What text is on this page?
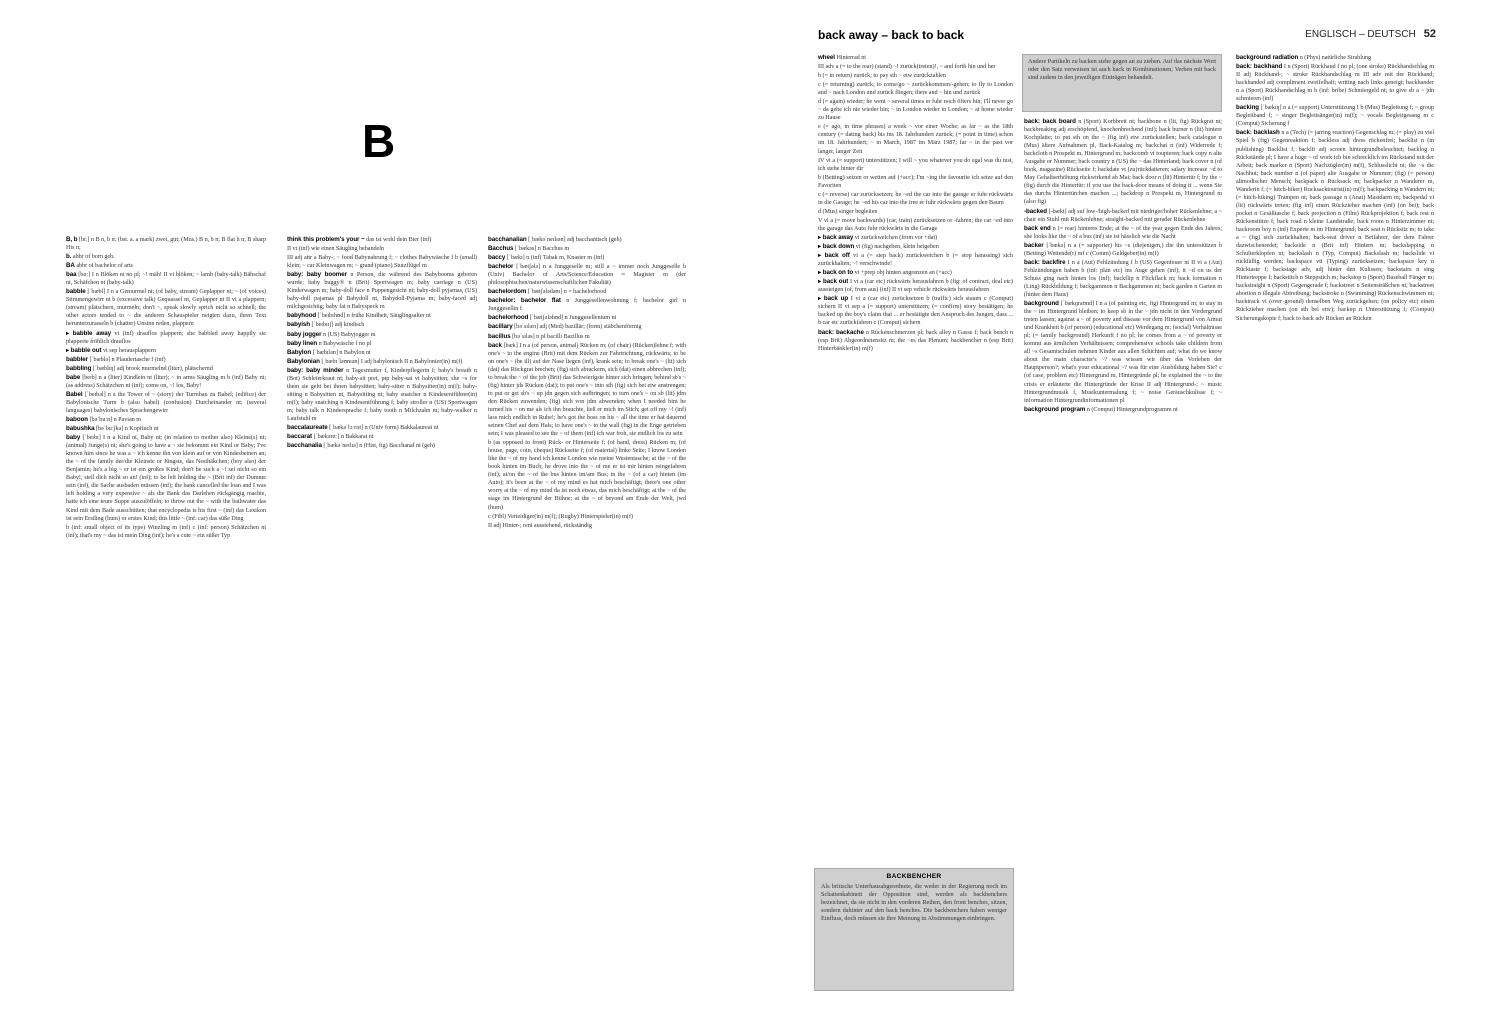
B

B, b [biː] n B n, b n; (bst. a. a mark) zwei, gut; (Mus.) B n, b n; B flat h n; B sharp His n;

b. abbr of born geb.

BA abbr of bachelor of arts

baa [bɑː] I n Blöken nt no pl; ~! mäh! II vi blöken; ~ lamb (baby-talk) Bähschaf nt, Schäfchen nt (baby-talk)

babble [ˈbæbl] I n a Gemurmel nt; (of baby, stream) Geplapper nt; ~ (of voices) Stimmengewirr nt b (excessive talk) Gequassel nt, Geplapper nt II vi a plappern; (stream) plätschern, murmeln; don't ~, speak slowly sprich nicht so schnell; the other actors tended to ~ die anderen Schauspieler neigten dazu, ihren Text herunterzurasseln b (chatter) Unsinn reden, plappern

▸ babble away vi (inf) drauflos plappern; she babbled away happily sie plapperte fröhlich drauflos

▸ babble out vt sep herausplappern

babbler [ˈbæblə] n Plaudertasche f (inf)

babbling [ˈbæblɪŋ] adj brook murmelnd (liter), plätschernd

babe [beɪb] n a (liter) Kindlein nt (liter); ~ in arms Säugling m b (inf) Baby nt; (as address) Schätzchen nt (inf); come on, ~! los, Baby!

Babel [ˈbeɪbəl] n a the Tower of ~ (story) der Turmbau zu Babel; (edifice) der Babylonische Turm b (also babel) (confusion) Durcheinander nt; (several languages) babylonisches Sprachengewirr

baboon [bəˈbuːn] n Pavian m

babushka [bəˈbuːʃkə] n Kopftuch nt

baby [ˈbeɪbɪ] I n a Kind nt, Baby nt; (in relation to mother also) Kleine(s) nt; (animal) Junge(s) nt; she's going to have a ~ sie bekommt ein Kind or Baby; I've known him since he was a ~ ich kenne ihn von klein auf or von Kindesbeinen an; the ~ of the family der/die Kleinste or Jüngste, das Nesthäkchen; (boy also) der Benjamin; he's a big ~ er ist ein großes Kind; don't be such a ~! sei nicht so ein Baby!, stell dich nicht so an! (inf); to be left holding the ~ (Brit inf) der Dumme sein (inf), die Sache ausbaden müssen (inf); the bank cancelled the loan and I was left holding a very expensive ~ als die Bank das Darlehen rückgängig machte, hatte ich eine teure Suppe auszulöffeln; to throw out the ~ with the bathwater das Kind mit dem Bade ausschütten; that encyclopedia is his first ~ (inf) das Lexikon ist sein Erstling (hum) or erstes Kind; this little ~ (inf: car) das süße Ding

b (inf: small object of its type) Winzling m (inf) c (inf: person) Schätzchen nt (inf); that's my ~ das ist mein Ding (inf); he's a cute ~ ein süßer Typ

think this problem's your ~ das ist wohl dein Bier (inf)

II vt (inf) wie einen Säugling behandeln

III adj attr a Baby-; ~ food Babynahrung f; ~ clothes Babywäsche f b (small) klein; ~ car Kleinwagen m; ~ grand (piano) Stutzflügel m

baby: baby boomer n Person, die während des Babybooms geboren wurde; baby buggy® n (Brit) Sportwagen m; baby carriage n (US) Kinderwagen m; baby-doll face n Puppengesicht nt; baby-doll pyjamas, (US) baby-doll pajamas pl Babydoll nt, Babydoll-Pyjama m; baby-faced adj milchgesichtig; baby fat n Babyspeck m

babyhood [ˈbeɪbɪhʊd] n frühe Kindheit, Säuglingsalter nt

babyish [ˈbeɪbɪɪʃ] adj kindisch

baby jogger n (US) Babyjogger m

baby linen n Babywäsche f no pl

Babylon [ˈbæbɪlən] n Babylon nt

Babylonian [ˌbæbɪˈləʊnɪən] I adj babylonisch II n Babylonier(in) m(f)

baby: baby minder n Tagesmutter f, Kinderpflegerin f; baby's breath n (Bot) Schleierkraut nt; baby-sit pret, ptp baby-sat vi babysitten; she ~s for them sie geht bei ihnen babysitten; baby-sitter n Babysitter(in) m(f); baby-sitting n Babysitten nt, Babysitting nt; baby snatcher n Kindesentführer(in) m(f); baby snatching n Kindesentführung f; baby stroller n (US) Sportwagen m; baby talk n Kindersprache f; baby tooth n Milchzahn m; baby-walker n Laufstuhl m

baccalaureate [ˌbækəˈlɔːrɪɪt] n (Univ form) Bakkalaureat nt

baccarat [ˈbækərɑː] n Bakkarat nt

bacchanalia [ˌbækəˈneɪlɪə] n (Hist, fig) Bacchanal nt (geh)

bacchanalian [ˌbækəˈneɪlɪən] adj bacchantisch (geh)

Bacchus [ˈbækəs] n Bacchus m

baccy [ˈbækɪ] n (inf) Tabak m, Knaster m (inf)

bachelor [ˈbætʃələ] n a Junggeselle m; still a ~ immer noch Junggeselle b (Univ) Bachelor of Arts/Science/Education ≈ Magister m (der philosophischen/naturwissenschaftlichen Fakultät)

bachelordom [ˈbætʃələdəm] n = bachelorhood

bachelor: bachelor flat n Junggesellenwohnung f; bachelor girl n Junggesellin f

bachelorhood [ˈbætʃələhʊd] n Junggesellentum nt

bacillary [bəˈsɪlərɪ] adj (Med) bazillär; (form) stäbchenförmig

bacillus [bəˈsɪləs] n pl bacilli Bazillus m

back [bæk] I n a (of person, animal) Rücken m; (of chair) (Rücken)lehne f; with one's ~ to the engine (Brit) mit dem Rücken zur Fahrtrichtung, rückwärts; to be on one's ~ (be ill) auf der Nase liegen (inf), krank sein; to break one's ~ (lit) sich (dat) das Rückgrat brechen; (fig) sich abrackern, sich (dat) einen abbrechen (inf); to break the ~ of the job (Brit) das Schwierigste hinter sich bringen; behind sb's ~ (fig) hinter jds Rücken (dat); to put one's ~ into sth (fig) sich bei etw anstrengen; to put or get sb's ~ up jdn gegen sich aufbringen; to turn one's ~ on sb (lit) jdm den Rücken zuwenden; (fig) sich von jdm abwenden; when I needed him he turned his ~ on me als ich ihn brauchte, ließ er mich im Stich; get off my ~! (inf) lass mich endlich in Ruhe!; he's got the boss on his ~ all the time er hat dauernd seinen Chef auf dem Hals; to have one's ~ to the wall (fig) in die Enge getrieben sein; I was pleased to see the ~ of them (inf) ich war froh, sie endlich los zu sein

b (as opposed to front) Rück- or Hinterseite f; (of hand, dress) Rücken m; (of house, page, coin, cheque) Rückseite f; (of material) linke Seite; I know London like the ~ of my hand ich kenne London wie meine Westentasche; at the ~ of the book hinten im Buch; he drove into the ~ of me er ist mir hinten reingefahren (inf); at/on the ~ of the bus hinten im/am Bus; in the ~ (of a car) hinten (im Auto); it's been at the ~ of my mind es hat mich beschäftigt; there's one other worry at the ~ of my mind da ist noch etwas, das mich beschäftigt; at the ~ of the stage im Hintergrund der Bühne; at the ~ of beyond am Ende der Welt, jwd (hum)

c (Ftbl) Verteidiger(in) m(f); (Rugby) Hinterspieler(in) m(f)

II adj Hinter-; rent ausstehend, rückständig

back away – back to back	ENGLISCH – DEUTSCH 52

wheel Hinterrad nt

III adv a (= to the rear) (stand) ~! zurück(treten)!, ~ and forth hin und her

b (= in return) zurück; to pay sth ~ etw zurückzahlen

c (= returning) zurück; to come/go ~ zurückkommen/-gehen; to fly to London and ~ nach London und zurück fliegen; there and ~ hin und zurück

d (= again) wieder; he went ~ several times er fuhr noch öfters hin; I'll never go ~ da gehe ich nie wieder hin; ~ in London wieder in London; ~ at home wieder zu Hause

e (= ago, in time phrases) a week ~ vor einer Woche; as far ~ as the 18th century (= dating back) bis ins 18. Jahrhundert zurück; (= point in time) schon im 18. Jahrhundert; ~ in March, 1987 im März 1987; far ~ in the past vor langer, langer Zeit

IV vt a (= support) unterstützen; I will ~ you whatever you do egal was du tust, ich stehe hinter dir

b (Betting) setzen or wetten auf (+acc); I'm ~ing the favourite ich setze auf den Favoriten

c (= reverse) car zurücksetzen; he ~ed the car into the garage er fuhr rückwärts in die Garage; he ~ed his car into the tree er fuhr rückwärts gegen den Baum

d (Mus) singer begleiten

V vi a (= move backwards) (car, train) zurücksetzen or -fahren; the car ~ed into the garage das Auto fuhr rückwärts in die Garage

▸ back away vi zurückweichen (from vor +dat)

▸ back down vi (fig) nachgeben, klein beigeben

▸ back off vi a (= step back) zurückweichen b (= stop harassing) sich zurückhalten; ~! verschwinde!

▸ back on to vi +prep obj hinten angrenzen an (+acc)

▸ back out I vi a (car etc) rückwärts herausfahren b (fig: of contract, deal etc) aussteigen (of, from aus) (inf) II vt sep vehicle rückwärts herausfahren

▸ back up I vi a (car etc) zurücksetzen b (traffic) sich stauen c (Comput) sichern II vt sep a (= support) unterstützen; (= confirm) story bestätigen; he backed up the boy's claim that ... er bestätigte den Anspruch des Jungen, dass ... b car etc zurückfahren c (Comput) sichern

back: backache n Rückenschmerzen pl; back alley n Gasse f; back bench n (esp Brit) Abgeordnetensitz m; the ~es das Plenum; backbencher n (esp Brit) Hinterbänkler(in) m(f)

Andere Partikeln zu backen siehe gegen an zu ziehen. Auf das nächste Wort oder den Satz verweisen ist auch back in Kombinationen; Verben mit back sind zudem in den jeweiligen Einträgen behandelt.

back: back board n (Sport) Korbbrett nt; backbone n (lit, fig) Rückgrat nt; backbreaking adj erschöpfend, knochenbrechend (inf); back burner n (lit) hintere Kochplatte; to put sth on the ~ (fig inf) etw zurückstellen; back catalogue n (Mus) ältere Aufnahmen pl, Back-Katalog m; backchat n (inf) Widerrede f; backcloth n Prospekt m, Hintergrund m; backcomb vt toupieren; back copy n alte Ausgabe or Nummer; back country n (US) the ~ das Hinterland; back cover n (of book, magazine) Rückseite f; backdate vt (zu)rückdatieren; salary increase ~d to May Gehaltserhöhung rückwirkend ab Mai; back door n (lit) Hintertür f; by the ~ (fig) durch die Hintertür; if you use the back-door means of doing it ... wenn Sie das durchs Hintertürchen machen ...; backdrop n Prospekt m, Hintergrund m (also fig)

-backed [-bækt] adj suf low-/high-backed mit niedriger/hoher Rückenlehne; a ~ chair ein Stuhl mit Rückenlehne; straight-backed mit gerader Rückenlehne

back end n (= rear) hinteres Ende; at the ~ of the year gegen Ende des Jahres; she looks like the ~ of a bus (inf) sie ist hässlich wie die Nacht

backer [ˈbækə] n a (= supporter) his ~s (diejenigen,) die ihn unterstützen b (Betting) Wettende(r) mf c (Comm) Geldgeber(in) m(f)

back: backfire I n a (Aut) Fehlzündung f b (US) Gegenfeuer nt II vi a (Aut) Fehlzündungen haben b (inf: plan etc) ins Auge gehen (inf); it ~d on us der Schuss ging nach hinten los (inf); backflip n Flickflack m; back formation n (Ling) Rückbildung f; backgammon n Backgammon nt; back garden n Garten m (hinter dem Haus)

background [ˈbækɡraʊnd] I n a (of painting etc, fig) Hintergrund m; to stay in the ~ im Hintergrund bleiben; to keep sb in the ~ jdn nicht in den Vordergrund treten lassen; against a ~ of poverty and disease vor dem Hintergrund von Armut und Krankheit b (of person) (educational etc) Werdegang m; (social) Verhältnisse pl; (= family background) Herkunft f no pl; he comes from a ~ of poverty er kommt aus ärmlichen Verhältnissen; comprehensive schools take children from all ~s Gesamtschulen nehmen Kinder aus allen Schichten auf; what do we know about the main character's ~? was wissen wir über das Vorleben der Hauptperson?; what's your educational ~? was für eine Ausbildung haben Sie? c (of case, problem etc) Hintergrund m, Hintergründe pl; he explained the ~ to the crisis er erläuterte die Hintergründe der Krise II adj Hintergrund-; ~ music Hintergrundmusik f, Musikuntermalung f; ~ noise Geräuschkulisse f; ~ information Hintergrundinformationen pl

background program n (Comput) Hintergrundprogramm nt

background radiation n (Phys) natürliche Strahlung

back: backhand I n (Sport) Rückhand f no pl; (one stroke) Rückhandschlag m II adj Rückhand-; ~ stroke Rückhandschlag m III adv mit der Rückhand; backhanded adj compliment zweifelhaft; writing nach links geneigt; backhander n a (Sport) Rückhandschlag m b (inf: bribe) Schmiergeld nt; to give sb a ~ jdn schmieren (inf)

backing [ˈbækɪŋ] n a (= support) Unterstützung f b (Mus) Begleitung f; ~ group Begleitband f; ~ singer Begleitsänger(in) m(f); ~ vocals Begleitgesang m c (Comput) Sicherung f

back: backlash n a (Tech) (= jarring reaction) Gegenschlag m; (= play) zu viel Spiel b (fig) Gegenreaktion f; backless adj dress rückenfrei; backlist n (in publishing) Backlist f; backlit adj screen hintergrundbeleuchtet; backlog n Rückstände pl; I have a huge ~ of work ich bin schrecklich im Rückstand mit der Arbeit; back marker n (Sport) Nachzügler(in) m(f), Schlusslicht nt; the ~s die Nachhut; back number n (of paper) alte Ausgabe or Nummer; (fig) (= person) altmodischer Mensch; backpack n Rucksack m; backpacker n Wanderer m, Wanderin f; (= hitch-hiker) Rucksacktourist(in) m(f); backpacking n Wandern nt; (= hitch-hiking) Trampen nt; back passage n (Anat) Mastdarm m; backpedal vi (lit) rückwärts treten; (fig inf) einen Rückzieher machen (inf) (on bei); back pocket n Gesäßtasche f; back projection n (Film) Rückprojektion f; back rest n Rückenstütze f; back road n kleine Landstraße; back room n Hinterzimmer nt; backroom boy n (inf) Experte m im Hintergrund; back seat n Rücksitz m; to take a ~ (fig) sich zurückhalten; back-seat driver n Beifahrer, der dem Fahrer dazwischenredet; backside n (Brit inf) Hintern m; backslapping n Schulterklopfen nt; backslash n (Typ, Comput) Backslash m; backslide vi rückfällig werden; backspace vti (Typing) zurücksetzen; backspace key n Rücktaste f; backstage adv, adj hinter den Kulissen; backstairs n sing Hintertreppe f; backstitch n Steppstich m; backstop n (Sport) Baseball Fänger m; backstraight n (Sport) Gegengerade f; backstreet n Seitensträßchen nt; backstreet abortion n illegale Abtreibung; backstroke n (Swimming) Rückenschwimmen nt; backtrack vi (over ground) denselben Weg zurückgehen; (on policy etc) einen Rückzieher machen (on sth bei etw); backup n Unterstützung f; (Comput) Sicherungskopie f; back to back adv Rücken an Rücken

BACKBENCHER
Als britische Unterhausabgeordnete, die weder in der Regierung noch im Schattenkabinett der Opposition sind, werden als backbenchers bezeichnet, da sie nicht in den vorderen Reihen, den front benches, sitzen, sondern dahinter auf den back benches. Die backbenchers haben weniger Einfluss, doch müssen sie ihre Meinung in Abstimmungen einbringen.
